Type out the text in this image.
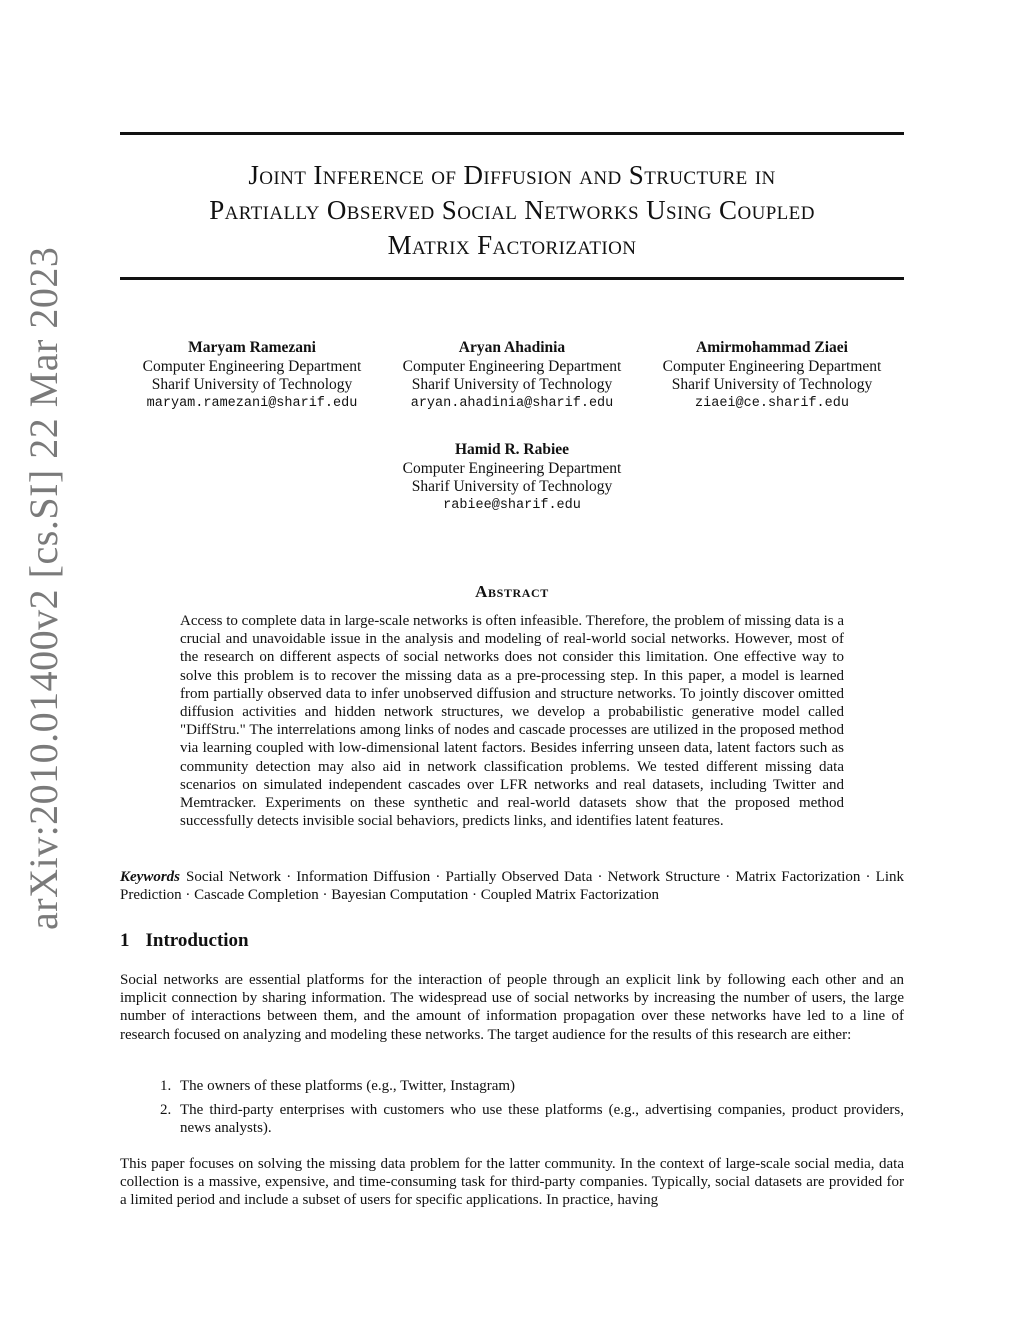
arXiv:2010.01400v2 [cs.SI] 22 Mar 2023
Joint Inference of Diffusion and Structure in
Partially Observed Social Networks Using Coupled
Matrix Factorization
Maryam Ramezani
Computer Engineering Department
Sharif University of Technology
maryam.ramezani@sharif.edu
Aryan Ahadinia
Computer Engineering Department
Sharif University of Technology
aryan.ahadinia@sharif.edu
Amirmohammad Ziaei
Computer Engineering Department
Sharif University of Technology
ziaei@ce.sharif.edu
Hamid R. Rabiee
Computer Engineering Department
Sharif University of Technology
rabiee@sharif.edu
Abstract
Access to complete data in large-scale networks is often infeasible. Therefore, the problem of missing data is a crucial and unavoidable issue in the analysis and modeling of real-world social networks. However, most of the research on different aspects of social networks does not consider this limitation. One effective way to solve this problem is to recover the missing data as a pre-processing step. In this paper, a model is learned from partially observed data to infer unobserved diffusion and structure networks. To jointly discover omitted diffusion activities and hidden network structures, we develop a probabilistic generative model called "DiffStru." The interrelations among links of nodes and cascade processes are utilized in the proposed method via learning coupled with low-dimensional latent factors. Besides inferring unseen data, latent factors such as community detection may also aid in network classification problems. We tested different missing data scenarios on simulated independent cascades over LFR networks and real datasets, including Twitter and Memtracker. Experiments on these synthetic and real-world datasets show that the proposed method successfully detects invisible social behaviors, predicts links, and identifies latent features.
Keywords Social Network · Information Diffusion · Partially Observed Data · Network Structure · Matrix Factorization · Link Prediction · Cascade Completion · Bayesian Computation · Coupled Matrix Factorization
1 Introduction
Social networks are essential platforms for the interaction of people through an explicit link by following each other and an implicit connection by sharing information. The widespread use of social networks by increasing the number of users, the large number of interactions between them, and the amount of information propagation over these networks have led to a line of research focused on analyzing and modeling these networks. The target audience for the results of this research are either:
1. The owners of these platforms (e.g., Twitter, Instagram)
2. The third-party enterprises with customers who use these platforms (e.g., advertising companies, product providers, news analysts).
This paper focuses on solving the missing data problem for the latter community. In the context of large-scale social media, data collection is a massive, expensive, and time-consuming task for third-party companies. Typically, social datasets are provided for a limited period and include a subset of users for specific applications. In practice, having
